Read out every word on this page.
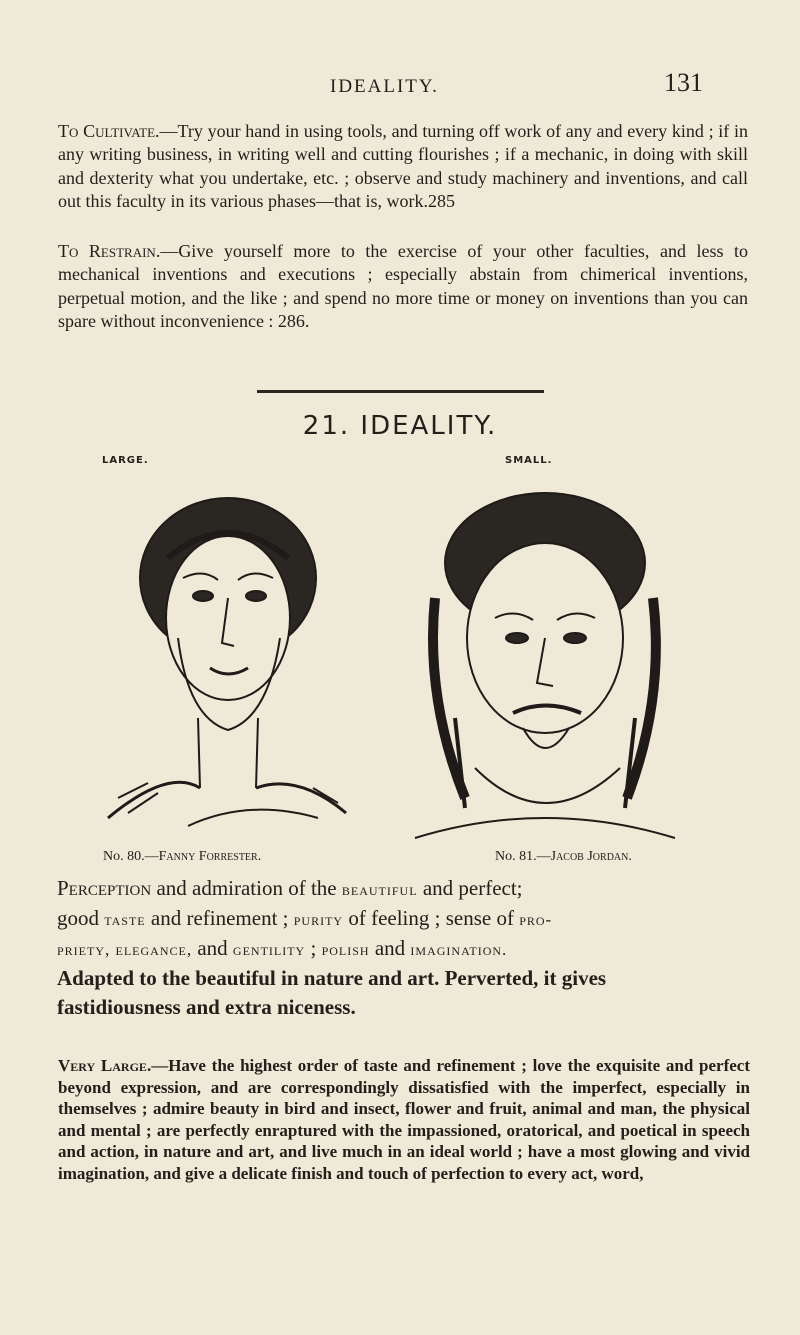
IDEALITY.	131

To Cultivate.—Try your hand in using tools, and turning off work of any and every kind ; if in any writing business, in writing well and cutting flourishes ; if a mechanic, in doing with skill and dexterity what you undertake, etc. ; observe and study machinery and inventions, and call out this faculty in its various phases—that is, work.285

To Restrain.—Give yourself more to the exercise of your other faculties, and less to mechanical inventions and executions ; especially abstain from chimerical inventions, perpetual motion, and the like ; and spend no more time or money on inventions than you can spare without inconvenience : 286.

21. IDEALITY.
LARGE.	SMALL.
No. 80.—Fanny Forrester.	No. 81.—Jacob Jordan.

Perception and admiration of the beautiful and perfect;
good taste and refinement ; purity of feeling ; sense of pro-
priety, elegance, and gentility ; polish and imagination.
Adapted to the beautiful in nature and art. Perverted, it gives
fastidiousness and extra niceness.

Very Large.—Have the highest order of taste and refinement ; love the exquisite and perfect beyond expression, and are correspondingly dissatisfied with the imperfect, especially in themselves ; admire beauty in bird and insect, flower and fruit, animal and man, the physical and mental ; are perfectly enraptured with the impassioned, oratorical, and poetical in speech and action, in nature and art, and live much in an ideal world ; have a most glowing and vivid imagination, and give a delicate finish and touch of perfection to every act, word,
